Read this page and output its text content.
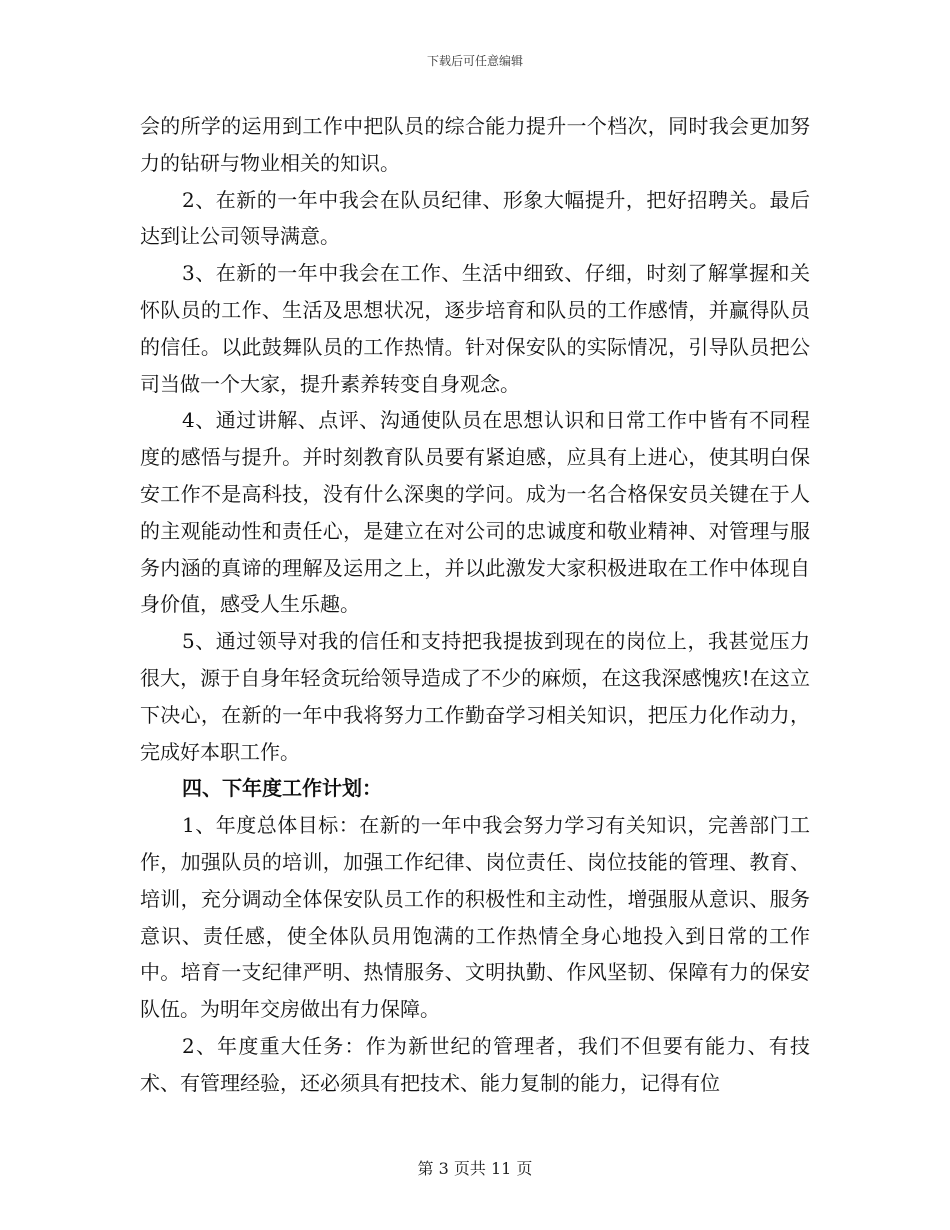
下载后可任意编辑

会的所学的运用到工作中把队员的综合能力提升一个档次，同时我会更加努力的钻研与物业相关的知识。

2、在新的一年中我会在队员纪律、形象大幅提升，把好招聘关。最后达到让公司领导满意。

3、在新的一年中我会在工作、生活中细致、仔细，时刻了解掌握和关怀队员的工作、生活及思想状况，逐步培育和队员的工作感情，并赢得队员的信任。以此鼓舞队员的工作热情。针对保安队的实际情况，引导队员把公司当做一个大家，提升素养转变自身观念。

4、通过讲解、点评、沟通使队员在思想认识和日常工作中皆有不同程度的感悟与提升。并时刻教育队员要有紧迫感，应具有上进心，使其明白保安工作不是高科技，没有什么深奥的学问。成为一名合格保安员关键在于人的主观能动性和责任心，是建立在对公司的忠诚度和敬业精神、对管理与服务内涵的真谛的理解及运用之上，并以此激发大家积极进取在工作中体现自身价值，感受人生乐趣。

5、通过领导对我的信任和支持把我提拔到现在的岗位上，我甚觉压力很大，源于自身年轻贪玩给领导造成了不少的麻烦，在这我深感愧疚!在这立下决心，在新的一年中我将努力工作勤奋学习相关知识，把压力化作动力，完成好本职工作。

四、下年度工作计划：

1、年度总体目标：在新的一年中我会努力学习有关知识，完善部门工作，加强队员的培训，加强工作纪律、岗位责任、岗位技能的管理、教育、培训，充分调动全体保安队员工作的积极性和主动性，增强服从意识、服务意识、责任感，使全体队员用饱满的工作热情全身心地投入到日常的工作中。培育一支纪律严明、热情服务、文明执勤、作风坚韧、保障有力的保安队伍。为明年交房做出有力保障。

2、年度重大任务：作为新世纪的管理者，我们不但要有能力、有技术、有管理经验，还必须具有把技术、能力复制的能力，记得有位

第 3 页共 11 页
